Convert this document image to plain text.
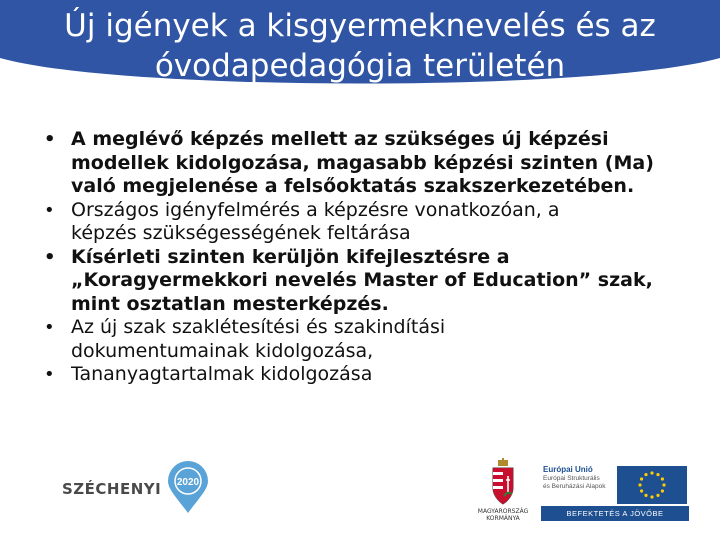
Új igények a kisgyermeknevelés és az
óvodapedagógia területén
• A meglévő képzés mellett az szükséges új képzési
modellek kidolgozása, magasabb képzési szinten (Ma)
való megjelenése a felsőoktatás szakszerkezetében.
• Országos igényfelmérés a képzésre vonatkozóan, a
képzés szükségességének feltárása
• Kísérleti szinten kerüljön kifejlesztésre a
„Koragyermekkori nevelés Master of Education” szak,
mint osztatlan mesterképzés.
• Az új szak szaklétesítési és szakindítási
dokumentumainak kidolgozása,
• Tananyagtartalmak kidolgozása
SZÉCHENYI 2020
MAGYARORSZÁG
KORMÁNYA
Európai Unió
Európai Strukturális
és Beruházási Alapok
BEFEKTETÉS A JÖVŐBE
